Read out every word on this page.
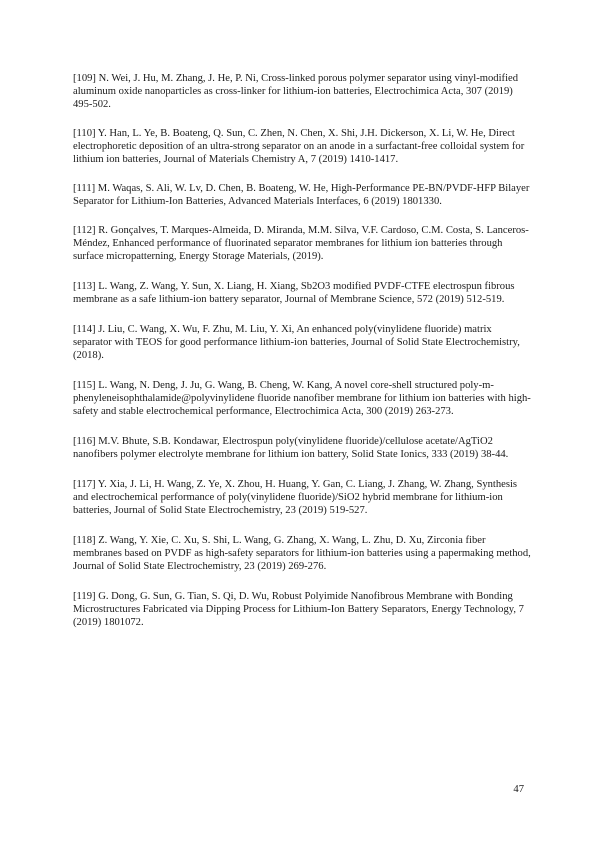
[109] N. Wei, J. Hu, M. Zhang, J. He, P. Ni, Cross-linked porous polymer separator using vinyl-modified aluminum oxide nanoparticles as cross-linker for lithium-ion batteries, Electrochimica Acta, 307 (2019) 495-502.
[110] Y. Han, L. Ye, B. Boateng, Q. Sun, C. Zhen, N. Chen, X. Shi, J.H. Dickerson, X. Li, W. He, Direct electrophoretic deposition of an ultra-strong separator on an anode in a surfactant-free colloidal system for lithium ion batteries, Journal of Materials Chemistry A, 7 (2019) 1410-1417.
[111] M. Waqas, S. Ali, W. Lv, D. Chen, B. Boateng, W. He, High-Performance PE-BN/PVDF-HFP Bilayer Separator for Lithium-Ion Batteries, Advanced Materials Interfaces, 6 (2019) 1801330.
[112] R. Gonçalves, T. Marques-Almeida, D. Miranda, M.M. Silva, V.F. Cardoso, C.M. Costa, S. Lanceros-Méndez, Enhanced performance of fluorinated separator membranes for lithium ion batteries through surface micropatterning, Energy Storage Materials, (2019).
[113] L. Wang, Z. Wang, Y. Sun, X. Liang, H. Xiang, Sb2O3 modified PVDF-CTFE electrospun fibrous membrane as a safe lithium-ion battery separator, Journal of Membrane Science, 572 (2019) 512-519.
[114] J. Liu, C. Wang, X. Wu, F. Zhu, M. Liu, Y. Xi, An enhanced poly(vinylidene fluoride) matrix separator with TEOS for good performance lithium-ion batteries, Journal of Solid State Electrochemistry, (2018).
[115] L. Wang, N. Deng, J. Ju, G. Wang, B. Cheng, W. Kang, A novel core-shell structured poly-m-phenyleneisophthalamide@polyvinylidene fluoride nanofiber membrane for lithium ion batteries with high-safety and stable electrochemical performance, Electrochimica Acta, 300 (2019) 263-273.
[116] M.V. Bhute, S.B. Kondawar, Electrospun poly(vinylidene fluoride)/cellulose acetate/AgTiO2 nanofibers polymer electrolyte membrane for lithium ion battery, Solid State Ionics, 333 (2019) 38-44.
[117] Y. Xia, J. Li, H. Wang, Z. Ye, X. Zhou, H. Huang, Y. Gan, C. Liang, J. Zhang, W. Zhang, Synthesis and electrochemical performance of poly(vinylidene fluoride)/SiO2 hybrid membrane for lithium-ion batteries, Journal of Solid State Electrochemistry, 23 (2019) 519-527.
[118] Z. Wang, Y. Xie, C. Xu, S. Shi, L. Wang, G. Zhang, X. Wang, L. Zhu, D. Xu, Zirconia fiber membranes based on PVDF as high-safety separators for lithium-ion batteries using a papermaking method, Journal of Solid State Electrochemistry, 23 (2019) 269-276.
[119] G. Dong, G. Sun, G. Tian, S. Qi, D. Wu, Robust Polyimide Nanofibrous Membrane with Bonding Microstructures Fabricated via Dipping Process for Lithium-Ion Battery Separators, Energy Technology, 7 (2019) 1801072.
47
